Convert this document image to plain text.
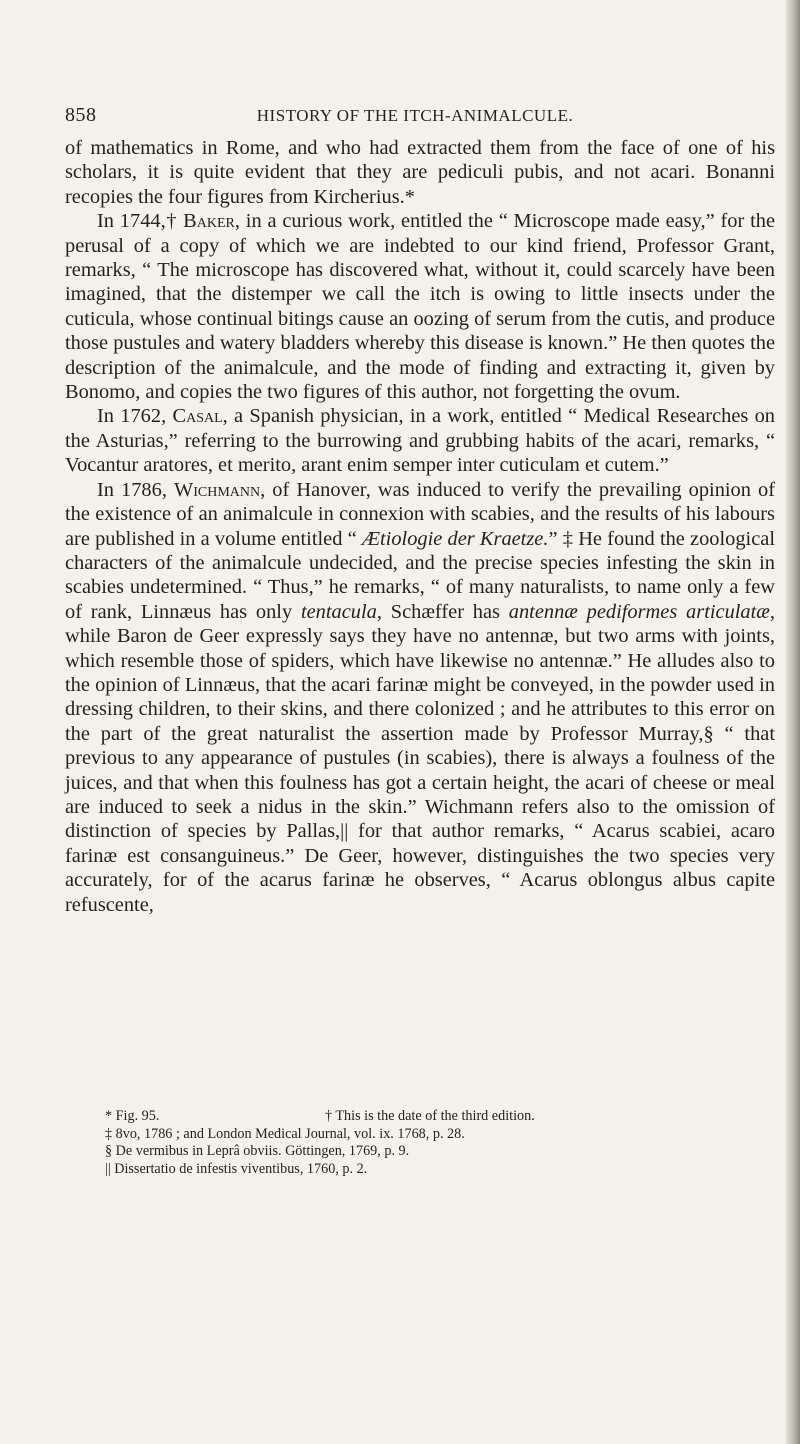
858	HISTORY OF THE ITCH-ANIMALCULE.

of mathematics in Rome, and who had extracted them from the face of one of his scholars, it is quite evident that they are pediculi pubis, and not acari. Bonanni recopies the four figures from Kircherius.*

In 1744,† Baker, in a curious work, entitled the “ Microscope made easy,” for the perusal of a copy of which we are indebted to our kind friend, Professor Grant, remarks, “ The microscope has discovered what, without it, could scarcely have been imagined, that the distemper we call the itch is owing to little insects under the cuticula, whose continual bitings cause an oozing of serum from the cutis, and produce those pustules and watery bladders whereby this disease is known.” He then quotes the description of the animalcule, and the mode of finding and extracting it, given by Bonomo, and copies the two figures of this author, not forgetting the ovum.

In 1762, Casal, a Spanish physician, in a work, entitled “ Medical Researches on the Asturias,” referring to the burrowing and grubbing habits of the acari, remarks, “ Vocantur aratores, et merito, arant enim semper inter cuticulam et cutem.”

In 1786, Wichmann, of Hanover, was induced to verify the prevailing opinion of the existence of an animalcule in connexion with scabies, and the results of his labours are published in a volume entitled “ Ætiologie der Kraetze.” ‡ He found the zoological characters of the animalcule undecided, and the precise species infesting the skin in scabies undetermined. “ Thus,” he remarks, “ of many naturalists, to name only a few of rank, Linnæus has only tentacula, Schæffer has antennæ pediformes articulatæ, while Baron de Geer expressly says they have no antennæ, but two arms with joints, which resemble those of spiders, which have likewise no antennæ.” He alludes also to the opinion of Linnæus, that the acari farinæ might be conveyed, in the powder used in dressing children, to their skins, and there colonized ; and he attributes to this error on the part of the great naturalist the assertion made by Professor Murray,§ “ that previous to any appearance of pustules (in scabies), there is always a foulness of the juices, and that when this foulness has got a certain height, the acari of cheese or meal are induced to seek a nidus in the skin.” Wichmann refers also to the omission of distinction of species by Pallas,|| for that author remarks, “ Acarus scabiei, acaro farinæ est consanguineus.” De Geer, however, distinguishes the two species very accurately, for of the acarus farinæ he observes, “ Acarus oblongus albus capite refuscente,

* Fig. 95.	† This is the date of the third edition.
‡ 8vo, 1786 ; and London Medical Journal, vol. ix. 1768, p. 28.
§ De vermibus in Leprâ obviis. Göttingen, 1769, p. 9.
|| Dissertatio de infestis viventibus, 1760, p. 2.
